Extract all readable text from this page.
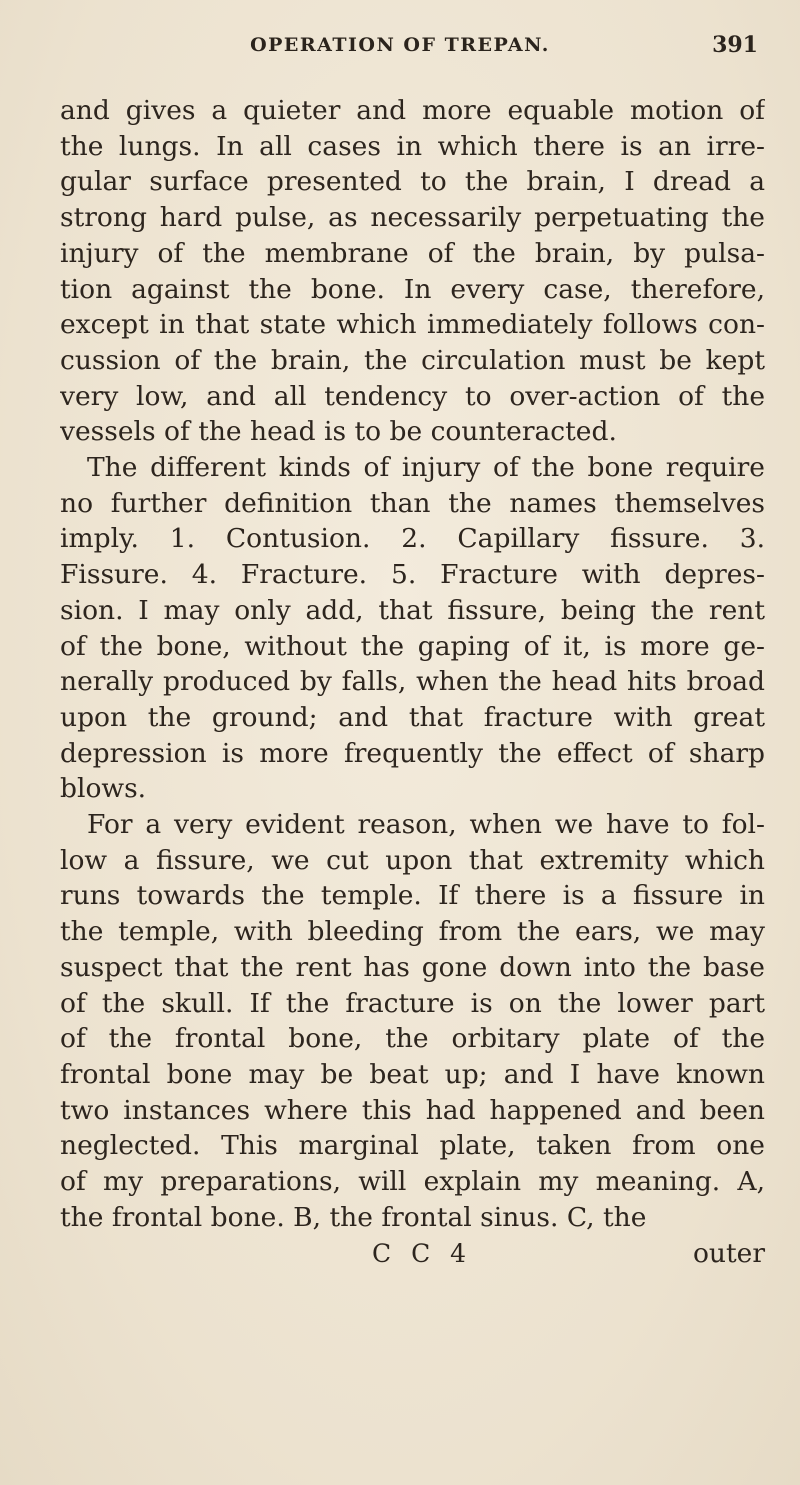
OPERATION OF TREPAN.	391
and gives a quieter and more equable motion of
the lungs. In all cases in which there is an irre-
gular surface presented to the brain, I dread a
strong hard pulse, as necessarily perpetuating the
injury of the membrane of the brain, by pulsa-
tion against the bone. In every case, therefore,
except in that state which immediately follows con-
cussion of the brain, the circulation must be kept
very low, and all tendency to over-action of the
vessels of the head is to be counteracted.
The different kinds of injury of the bone require
no further definition than the names themselves
imply. 1. Contusion. 2. Capillary fissure. 3.
Fissure. 4. Fracture. 5. Fracture with depres-
sion. I may only add, that fissure, being the rent
of the bone, without the gaping of it, is more ge-
nerally produced by falls, when the head hits broad
upon the ground; and that fracture with great
depression is more frequently the effect of sharp
blows.
For a very evident reason, when we have to fol-
low a fissure, we cut upon that extremity which
runs towards the temple. If there is a fissure in
the temple, with bleeding from the ears, we may
suspect that the rent has gone down into the base
of the skull. If the fracture is on the lower part
of the frontal bone, the orbitary plate of the
frontal bone may be beat up; and I have known
two instances where this had happened and been
neglected. This marginal plate, taken from one
of my preparations, will explain my meaning. A,
the frontal bone. B, the frontal sinus. C, the
C C 4	outer
